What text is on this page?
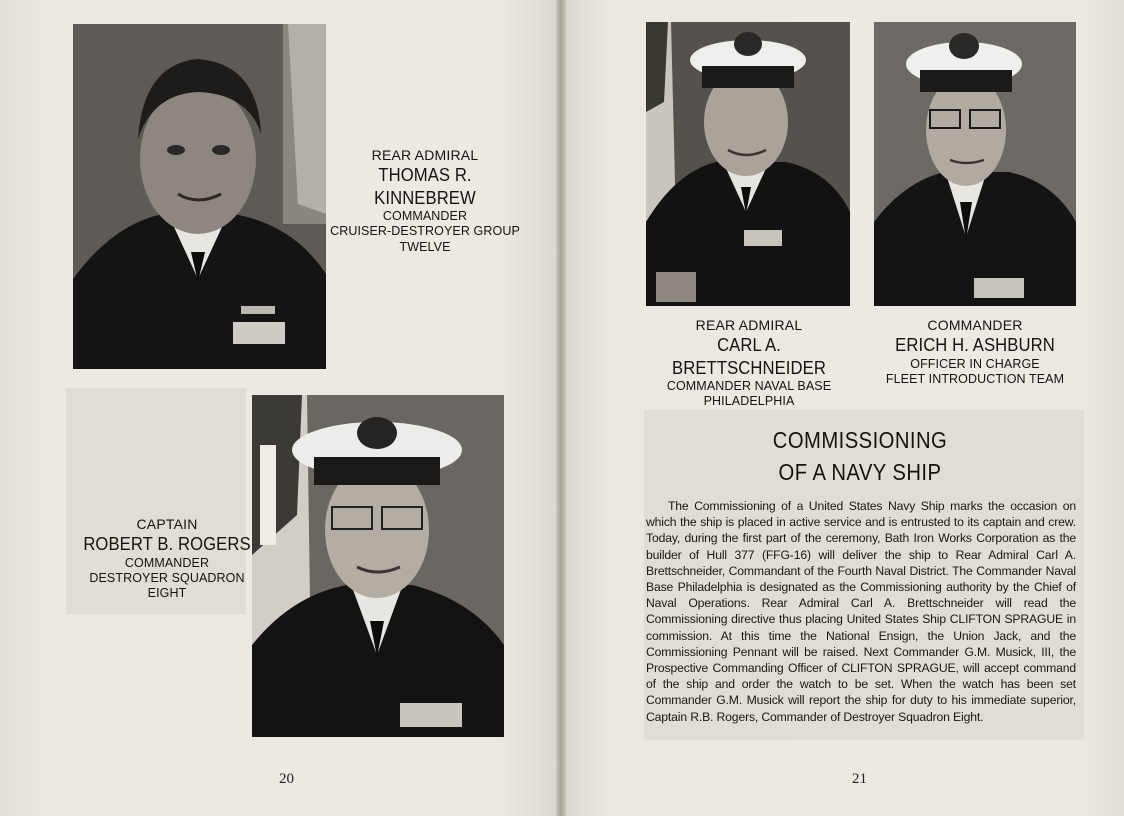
REAR ADMIRAL
THOMAS R. KINNEBREW
COMMANDER
CRUISER-DESTROYER GROUP
TWELVE
CAPTAIN
ROBERT B. ROGERS
COMMANDER
DESTROYER SQUADRON
EIGHT
20
REAR ADMIRAL
CARL A. BRETTSCHNEIDER
COMMANDER NAVAL BASE
PHILADELPHIA
COMMANDER
ERICH H. ASHBURN
OFFICER IN CHARGE
FLEET INTRODUCTION TEAM
COMMISSIONING
OF A NAVY SHIP
The Commissioning of a United States Navy Ship marks the occasion on which the ship is placed in active service and is entrusted to its captain and crew. Today, during the first part of the ceremony, Bath Iron Works Corporation as the builder of Hull 377 (FFG-16) will deliver the ship to Rear Admiral Carl A. Brettschneider, Commandant of the Fourth Naval District. The Commander Naval Base Philadelphia is designated as the Commissioning authority by the Chief of Naval Operations. Rear Admiral Carl A. Brettschneider will read the Commissioning directive thus placing United States Ship CLIFTON SPRAGUE in commission. At this time the National Ensign, the Union Jack, and the Commissioning Pennant will be raised. Next Commander G.M. Musick, III, the Prospective Commanding Officer of CLIFTON SPRAGUE, will accept command of the ship and order the watch to be set. When the watch has been set Commander G.M. Musick will report the ship for duty to his immediate superior, Captain R.B. Rogers, Commander of Destroyer Squadron Eight.
21
